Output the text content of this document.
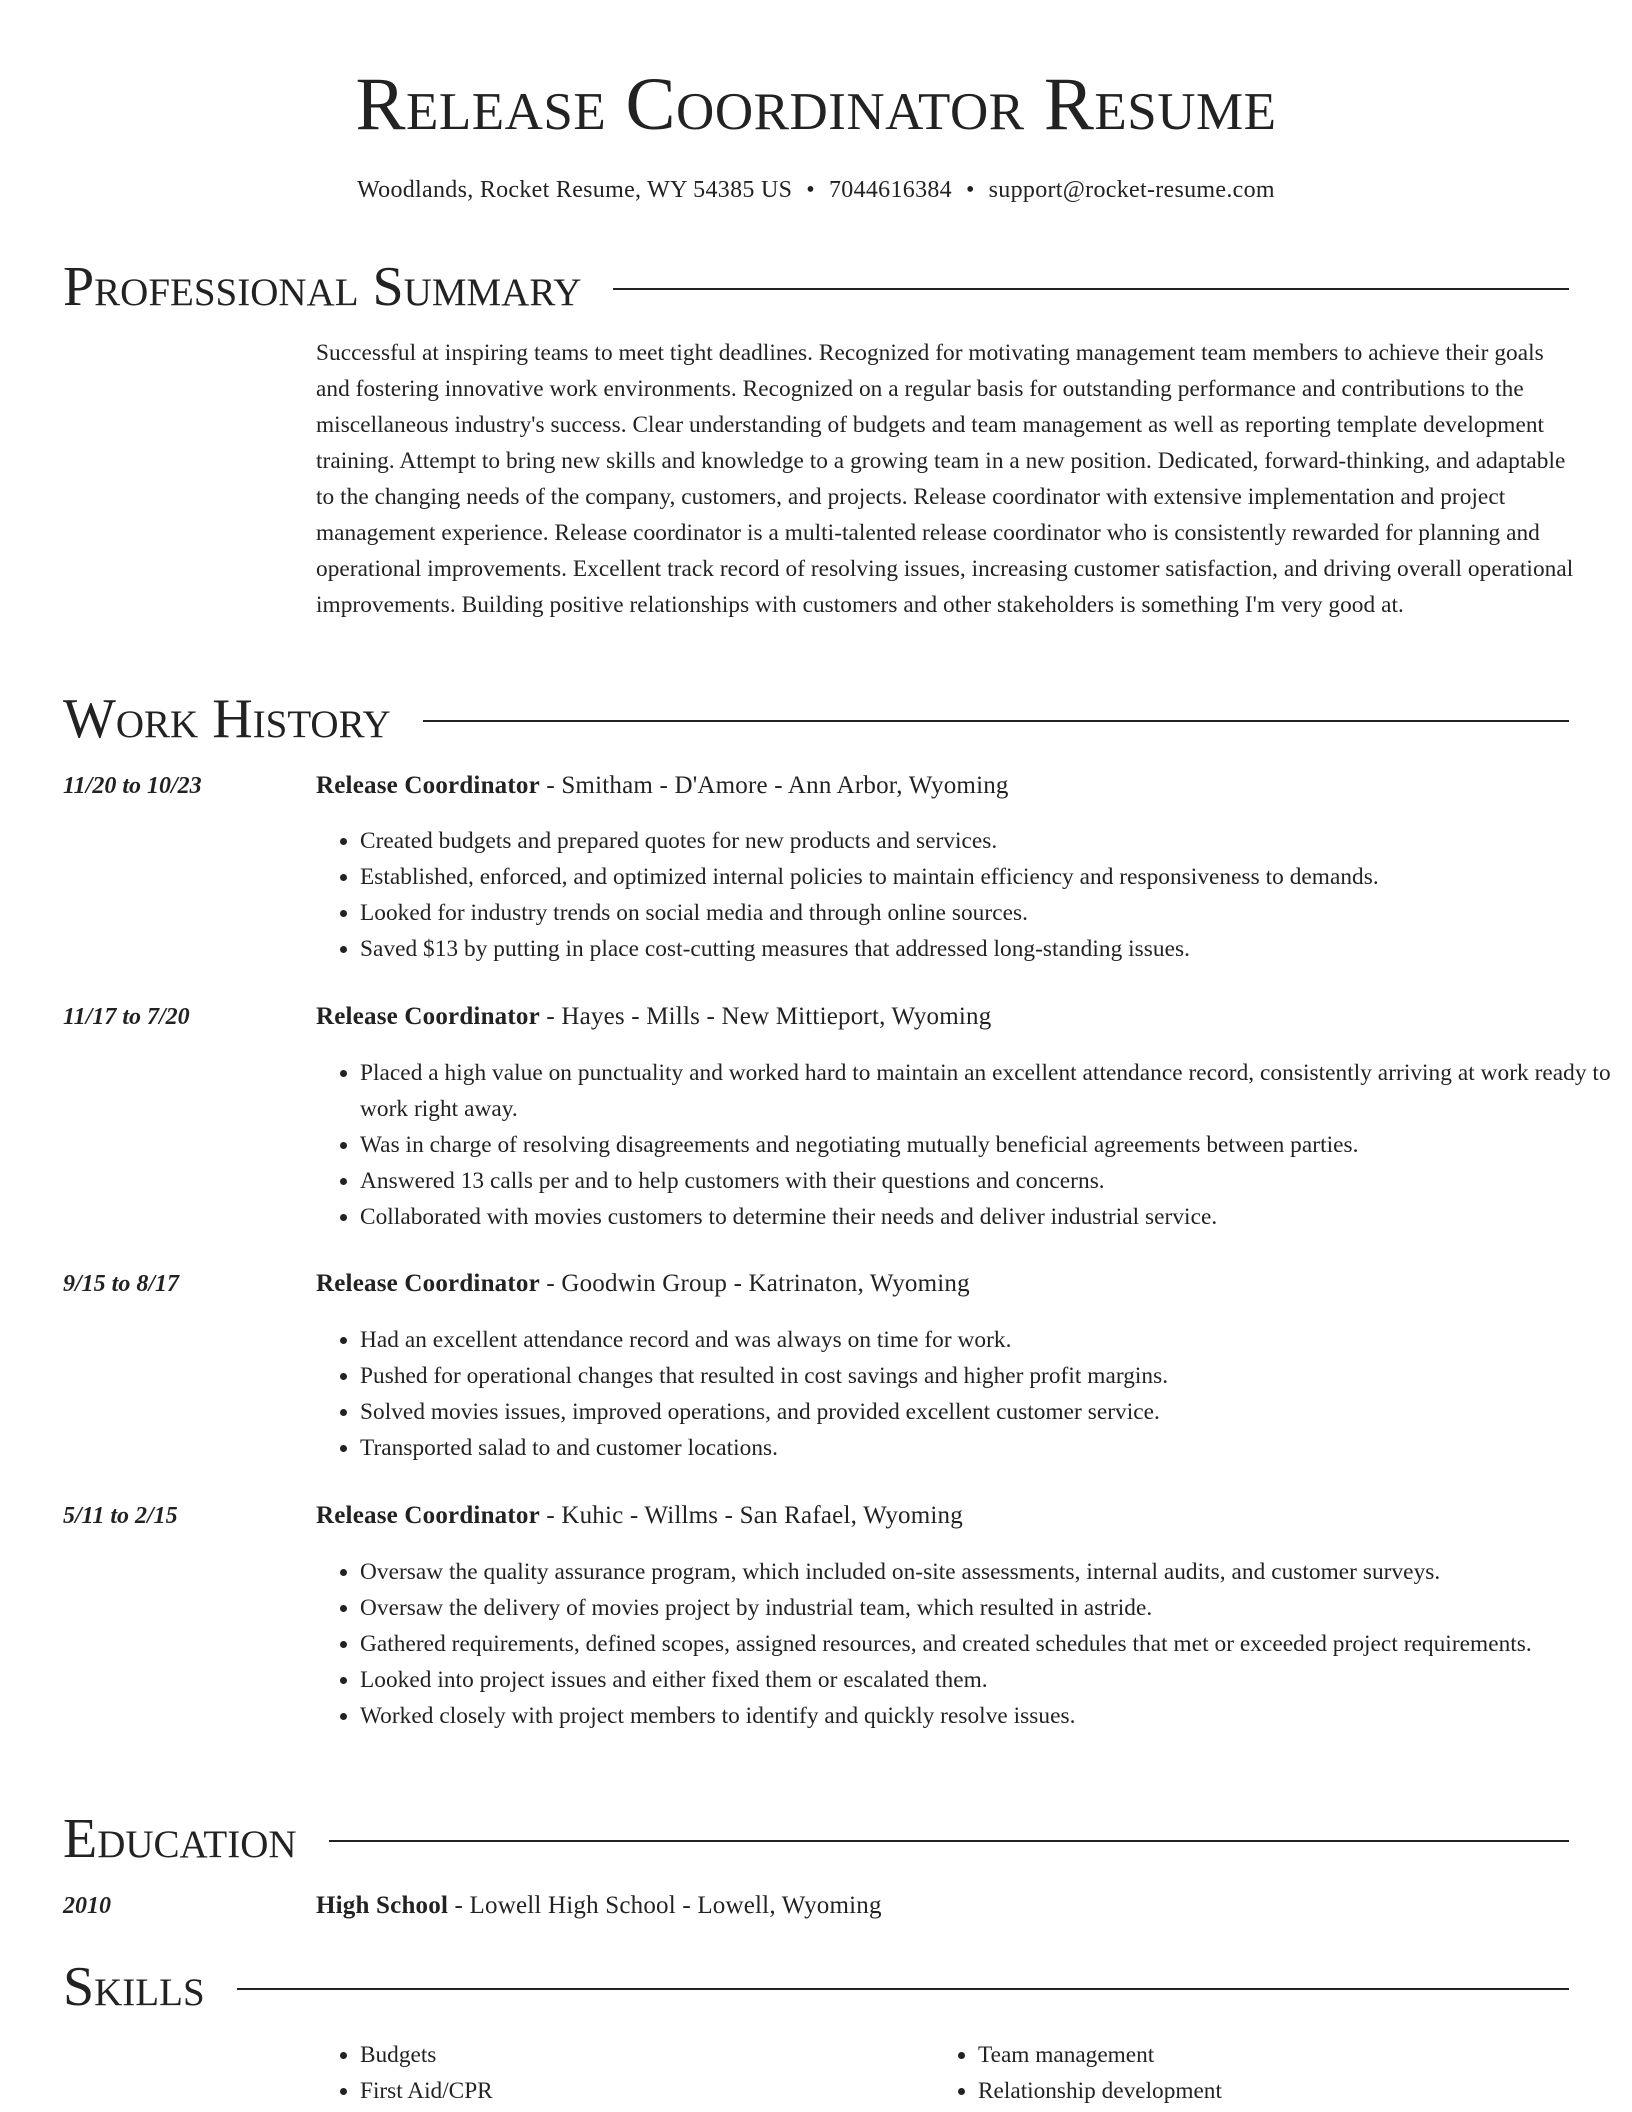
Release Coordinator Resume
Woodlands, Rocket Resume, WY 54385 US • 7044616384 • support@rocket-resume.com
Professional Summary
Successful at inspiring teams to meet tight deadlines. Recognized for motivating management team members to achieve their goals and fostering innovative work environments. Recognized on a regular basis for outstanding performance and contributions to the miscellaneous industry's success. Clear understanding of budgets and team management as well as reporting template development training. Attempt to bring new skills and knowledge to a growing team in a new position. Dedicated, forward-thinking, and adaptable to the changing needs of the company, customers, and projects. Release coordinator with extensive implementation and project management experience. Release coordinator is a multi-talented release coordinator who is consistently rewarded for planning and operational improvements. Excellent track record of resolving issues, increasing customer satisfaction, and driving overall operational improvements. Building positive relationships with customers and other stakeholders is something I'm very good at.
Work History
11/20 to 10/23	Release Coordinator - Smitham - D'Amore - Ann Arbor, Wyoming
• Created budgets and prepared quotes for new products and services.
• Established, enforced, and optimized internal policies to maintain efficiency and responsiveness to demands.
• Looked for industry trends on social media and through online sources.
• Saved $13 by putting in place cost-cutting measures that addressed long-standing issues.
11/17 to 7/20	Release Coordinator - Hayes - Mills - New Mittieport, Wyoming
• Placed a high value on punctuality and worked hard to maintain an excellent attendance record, consistently arriving at work ready to work right away.
• Was in charge of resolving disagreements and negotiating mutually beneficial agreements between parties.
• Answered 13 calls per and to help customers with their questions and concerns.
• Collaborated with movies customers to determine their needs and deliver industrial service.
9/15 to 8/17	Release Coordinator - Goodwin Group - Katrinaton, Wyoming
• Had an excellent attendance record and was always on time for work.
• Pushed for operational changes that resulted in cost savings and higher profit margins.
• Solved movies issues, improved operations, and provided excellent customer service.
• Transported salad to and customer locations.
5/11 to 2/15	Release Coordinator - Kuhic - Willms - San Rafael, Wyoming
• Oversaw the quality assurance program, which included on-site assessments, internal audits, and customer surveys.
• Oversaw the delivery of movies project by industrial team, which resulted in astride.
• Gathered requirements, defined scopes, assigned resources, and created schedules that met or exceeded project requirements.
• Looked into project issues and either fixed them or escalated them.
• Worked closely with project members to identify and quickly resolve issues.
Education
2010	High School - Lowell High School - Lowell, Wyoming
Skills
• Budgets
• First Aid/CPR
• Team management
• Relationship development
